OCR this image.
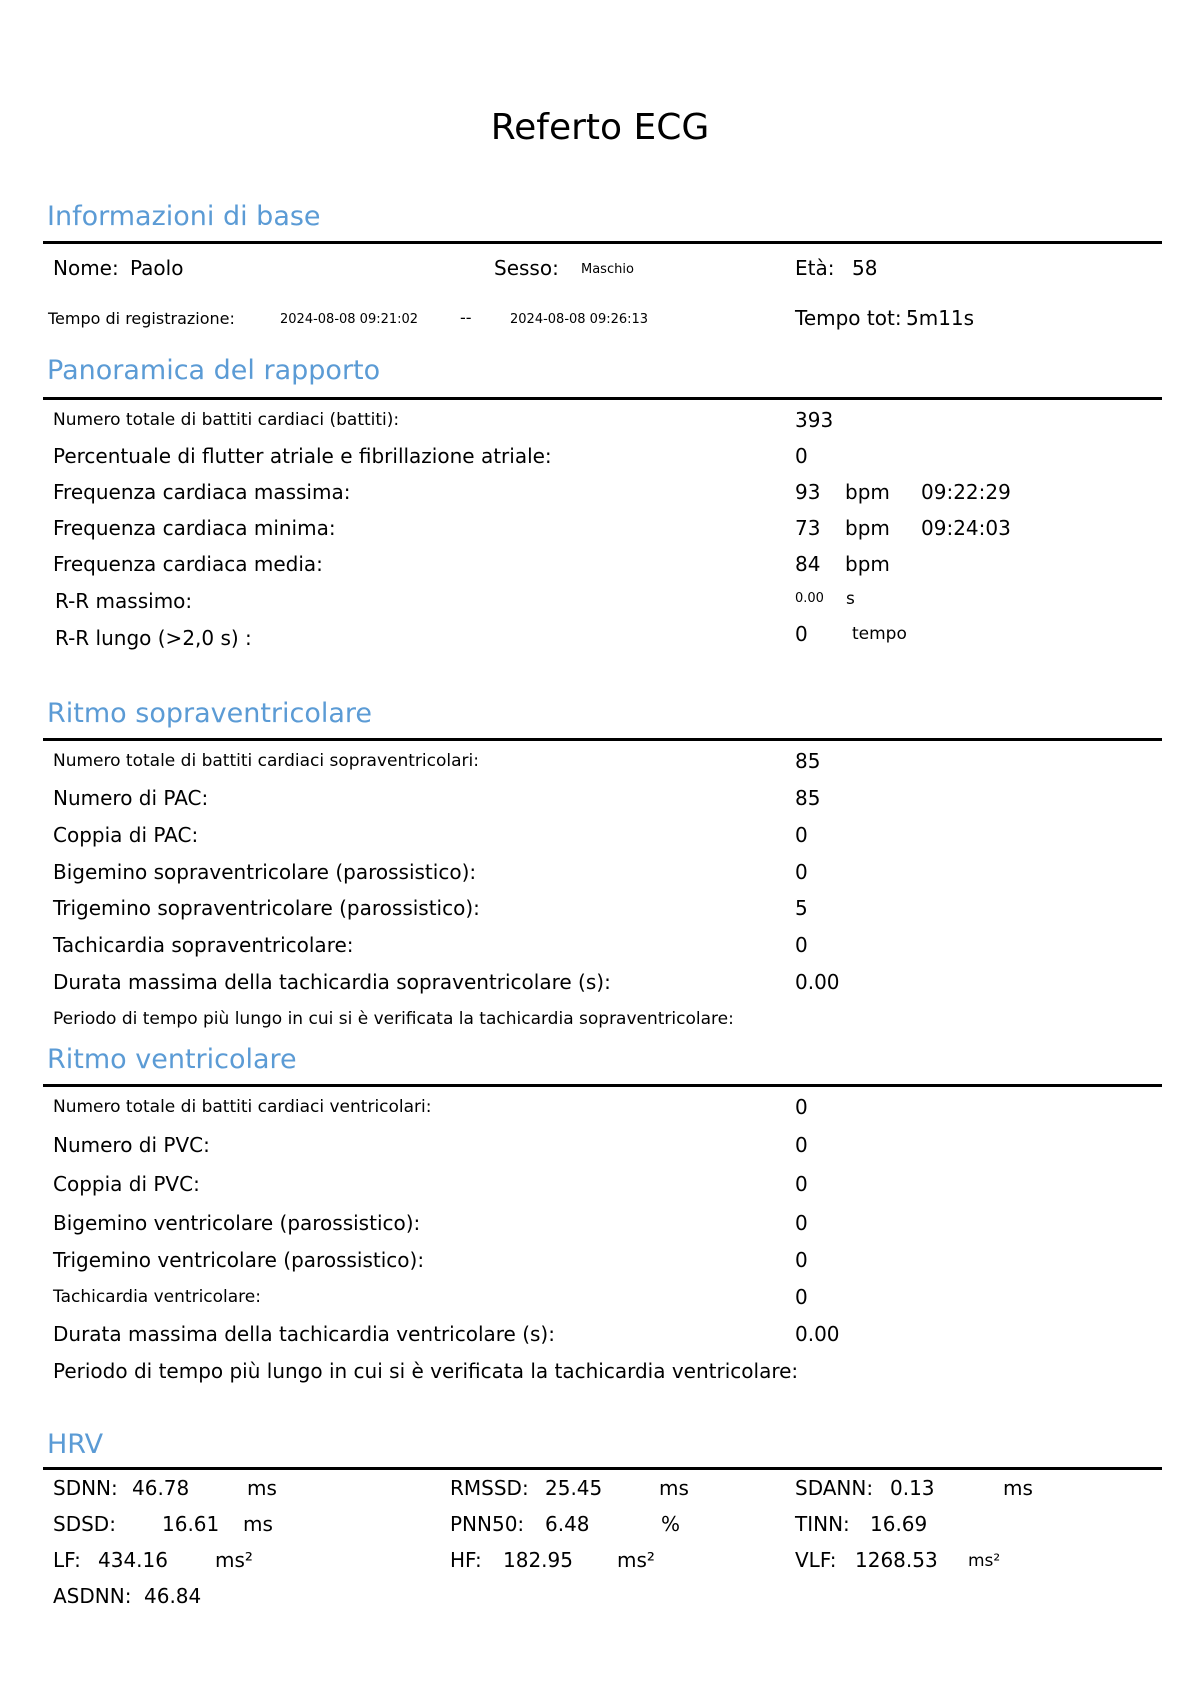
Referto ECG
Informazioni di base
Nome: Paolo	Sesso: Maschio	Età: 58
Tempo di registrazione:	2024-08-08 09:21:02	--	2024-08-08 09:26:13	Tempo tot: 5m11s
Panoramica del rapporto
Numero totale di battiti cardiaci (battiti):	393
Percentuale di flutter atriale e fibrillazione atriale:	0
Frequenza cardiaca massima:	93 bpm 09:22:29
Frequenza cardiaca minima:	73 bpm 09:24:03
Frequenza cardiaca media:	84 bpm
R-R massimo:	0.00 s
R-R lungo (>2,0 s) :	0	tempo
Ritmo sopraventricolare
Numero totale di battiti cardiaci sopraventricolari:	85
Numero di PAC:	85
Coppia di PAC:	0
Bigemino sopraventricolare (parossistico):	0
Trigemino sopraventricolare (parossistico):	5
Tachicardia sopraventricolare:	0
Durata massima della tachicardia sopraventricolare (s):	0.00
Periodo di tempo più lungo in cui si è verificata la tachicardia sopraventricolare:
Ritmo ventricolare
Numero totale di battiti cardiaci ventricolari:	0
Numero di PVC:	0
Coppia di PVC:	0
Bigemino ventricolare (parossistico):	0
Trigemino ventricolare (parossistico):	0
Tachicardia ventricolare:	0
Durata massima della tachicardia ventricolare (s):	0.00
Periodo di tempo più lungo in cui si è verificata la tachicardia ventricolare:
HRV
SDNN: 46.78	ms	RMSSD: 25.45	ms	SDANN: 0.13	ms
SDSD: 16.61 ms	PNN50: 6.48	%	TINN: 16.69
LF: 434.16 ms²	HF: 182.95 ms²	VLF: 1268.53 ms²
ASDNN: 46.84
